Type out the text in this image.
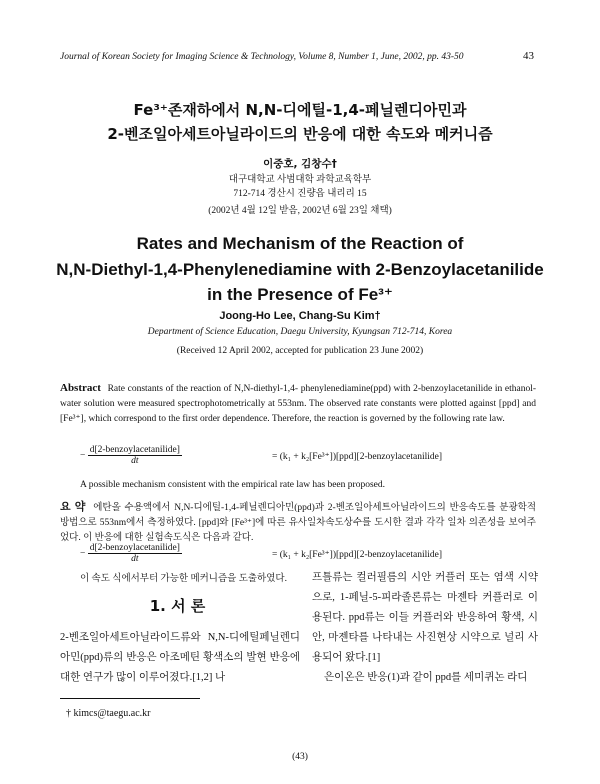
Journal of Korean Society for Imaging Science & Technology, Volume 8, Number 1, June, 2002, pp. 43-50	43
Fe³⁺존재하에서 N,N-디에틸-1,4-페닐렌디아민과
2-벤조일아세트아닐라이드의 반응에 대한 속도와 메커니즘
이중호, 김창수†
대구대학교 사범대학 과학교육학부
712-714 경산시 진량읍 내리리 15
(2002년 4월 12일 받음, 2002년 6월 23일 채택)
Rates and Mechanism of the Reaction of
N,N-Diethyl-1,4-Phenylenediamine with 2-Benzoylacetanilide
in the Presence of Fe³⁺
Joong-Ho Lee, Chang-Su Kim†
Department of Science Education, Daegu University, Kyungsan 712-714, Korea
(Received 12 April 2002, accepted for publication 23 June 2002)
Abstract Rate constants of the reaction of N,N-diethyl-1,4- phenylenediamine(ppd) with 2-benzoylacetanilide in ethanol-water solution were measured spectrophotometrically at 553nm. The observed rate constants were plotted against [ppd] and [Fe³⁺], which correspond to the first order dependence. Therefore, the reaction is governed by the following rate law.
− $\frac{\text{d[2-benzoylacetanilide]}}{dt}$	= (k₁ + k₂[Fe³⁺])[ppd][2-benzoylacetanilide]
A possible mechanism consistent with the empirical rate law has been proposed.
요 약 에탄올 수용액에서 N,N-디에틸-1,4-페닐렌디아민(ppd)과 2-벤조일아세트아닐라이드의 반응속도를 분광학적 방법으로 553nm에서 측정하였다. [ppd]와 [Fe³⁺]에 따른 유사일차속도상수를 도시한 결과 각각 일차 의존성을 보여주었다. 이 반응에 대한 실험속도식은 다음과 같다.
− $\frac{\text{d[2-benzoylacetanilide]}}{dt}$	= (k₁ + k₂[Fe³⁺])[ppd][2-benzoylacetanilide]
이 속도 식에서부터 가능한 메커니즘을 도출하였다.
1. 서 론
2-벤조일아세트아닐라이드류와 N,N-디에틸페닐렌디아민(ppd)류의 반응은 아조메틴 황색소의 발현 반응에 대한 연구가 많이 이루어졌다.[1,2] 나
프틀류는 컬러필름의 시안 커플러 또는 염색 시약으로, 1-페닐-5-피라졸론류는 마젠타 커플러로 이용된다. ppd류는 이들 커플러와 반응하여 황색, 시안, 마젠타를 나타내는 사진현상 시약으로 널리 사용되어 왔다.[1]
은이온은 반응(1)과 같이 ppd를 세미퀴논 라디
† kimcs@taegu.ac.kr
(43)
